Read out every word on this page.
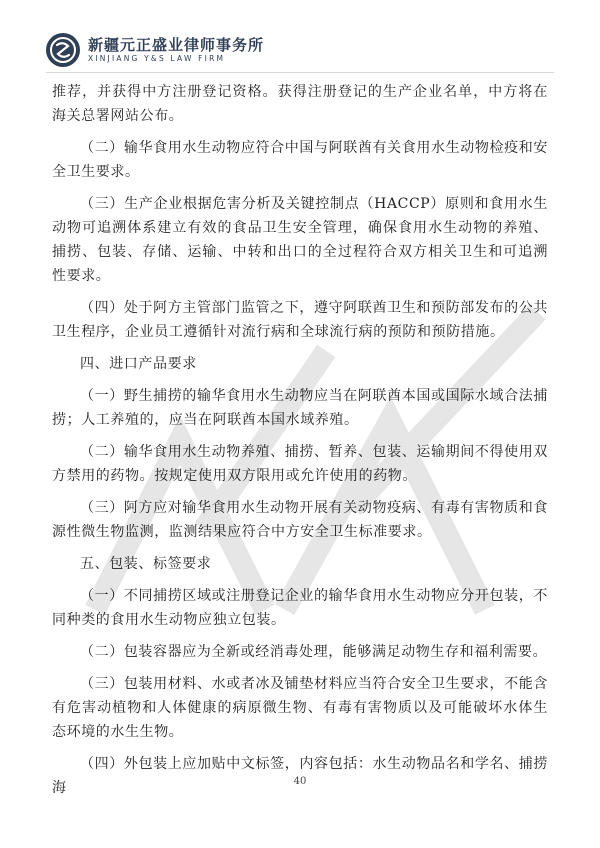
新疆元正盛业律师事务所
XINJIANG Y&S LAW FIRM

推荐，并获得中方注册登记资格。获得注册登记的生产企业名单，中方将在海关总署网站公布。

（二）输华食用水生动物应符合中国与阿联酋有关食用水生动物检疫和安全卫生要求。

（三）生产企业根据危害分析及关键控制点（HACCP）原则和食用水生动物可追溯体系建立有效的食品卫生安全管理，确保食用水生动物的养殖、捕捞、包装、存储、运输、中转和出口的全过程符合双方相关卫生和可追溯性要求。

（四）处于阿方主管部门监管之下，遵守阿联酋卫生和预防部发布的公共卫生程序，企业员工遵循针对流行病和全球流行病的预防和预防措施。

四、进口产品要求

（一）野生捕捞的输华食用水生动物应当在阿联酋本国或国际水域合法捕捞；人工养殖的，应当在阿联酋本国水域养殖。

（二）输华食用水生动物养殖、捕捞、暂养、包装、运输期间不得使用双方禁用的药物。按规定使用双方限用或允许使用的药物。

（三）阿方应对输华食用水生动物开展有关动物疫病、有毒有害物质和食源性微生物监测，监测结果应符合中方安全卫生标准要求。

五、包装、标签要求

（一）不同捕捞区域或注册登记企业的输华食用水生动物应分开包装，不同种类的食用水生动物应独立包装。

（二）包装容器应为全新或经消毒处理，能够满足动物生存和福利需要。

（三）包装用材料、水或者冰及铺垫材料应当符合安全卫生要求，不能含有危害动植物和人体健康的病原微生物、有毒有害物质以及可能破坏水体生态环境的水生生物。

（四）外包装上应加贴中文标签，内容包括：水生动物品名和学名、捕捞海	40
